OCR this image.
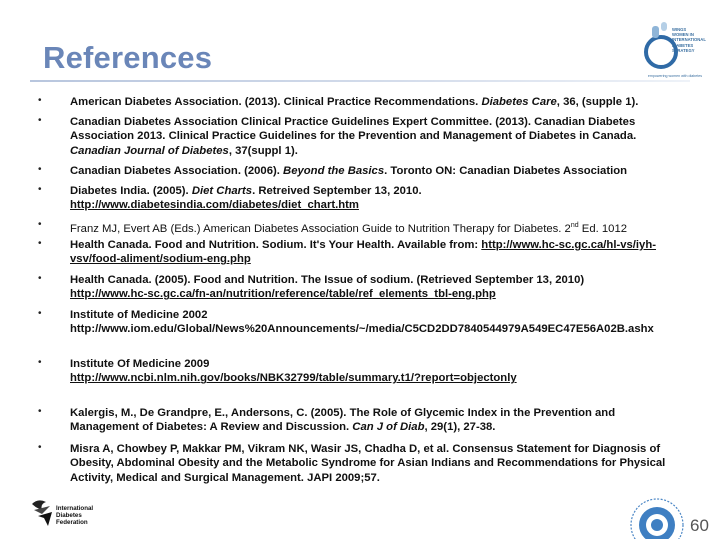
References
WINGS
WOMEN IN
INTERNATIONAL
DIABETES
STRATEGY
empowering women with diabetes
•	American Diabetes Association. (2013). Clinical Practice Recommendations. Diabetes Care, 36, (supple 1).
•	Canadian Diabetes Association Clinical Practice Guidelines Expert Committee. (2013). Canadian Diabetes Association 2013. Clinical Practice Guidelines for the Prevention and Management of Diabetes in Canada. Canadian Journal of Diabetes, 37(suppl 1).
•	Canadian Diabetes Association. (2006). Beyond the Basics. Toronto ON: Canadian Diabetes Association
•	Diabetes India. (2005). Diet Charts. Retreived September 13, 2010.
http://www.diabetesindia.com/diabetes/diet_chart.htm
•	Franz MJ, Evert AB (Eds.) American Diabetes Association Guide to Nutrition Therapy for Diabetes. 2nd Ed. 1012
•	Health Canada. Food and Nutrition. Sodium. It's Your Health. Available from: http://www.hc-sc.gc.ca/hl-vs/iyh-vsv/food-aliment/sodium-eng.php
•	Health Canada. (2005). Food and Nutrition. The Issue of sodium. (Retrieved September 13, 2010)
http://www.hc-sc.gc.ca/fn-an/nutrition/reference/table/ref_elements_tbl-eng.php
•	Institute of Medicine 2002
http://www.iom.edu/Global/News%20Announcements/~/media/C5CD2DD7840544979A549EC47E56A02B.ashx
•	Institute Of Medicine 2009
http://www.ncbi.nlm.nih.gov/books/NBK32799/table/summary.t1/?report=objectonly
•	Kalergis, M., De Grandpre, E., Andersons, C. (2005). The Role of Glycemic Index in the Prevention and Management of Diabetes: A Review and Discussion. Can J of Diab, 29(1), 27-38.
•	Misra A, Chowbey P, Makkar PM, Vikram NK, Wasir JS, Chadha D, et al. Consensus Statement for Diagnosis of Obesity, Abdominal Obesity and the Metabolic Syndrome for Asian Indians and Recommendations for Physical Activity, Medical and Surgical Management. JAPI 2009;57.
International
Diabetes
Federation	60
